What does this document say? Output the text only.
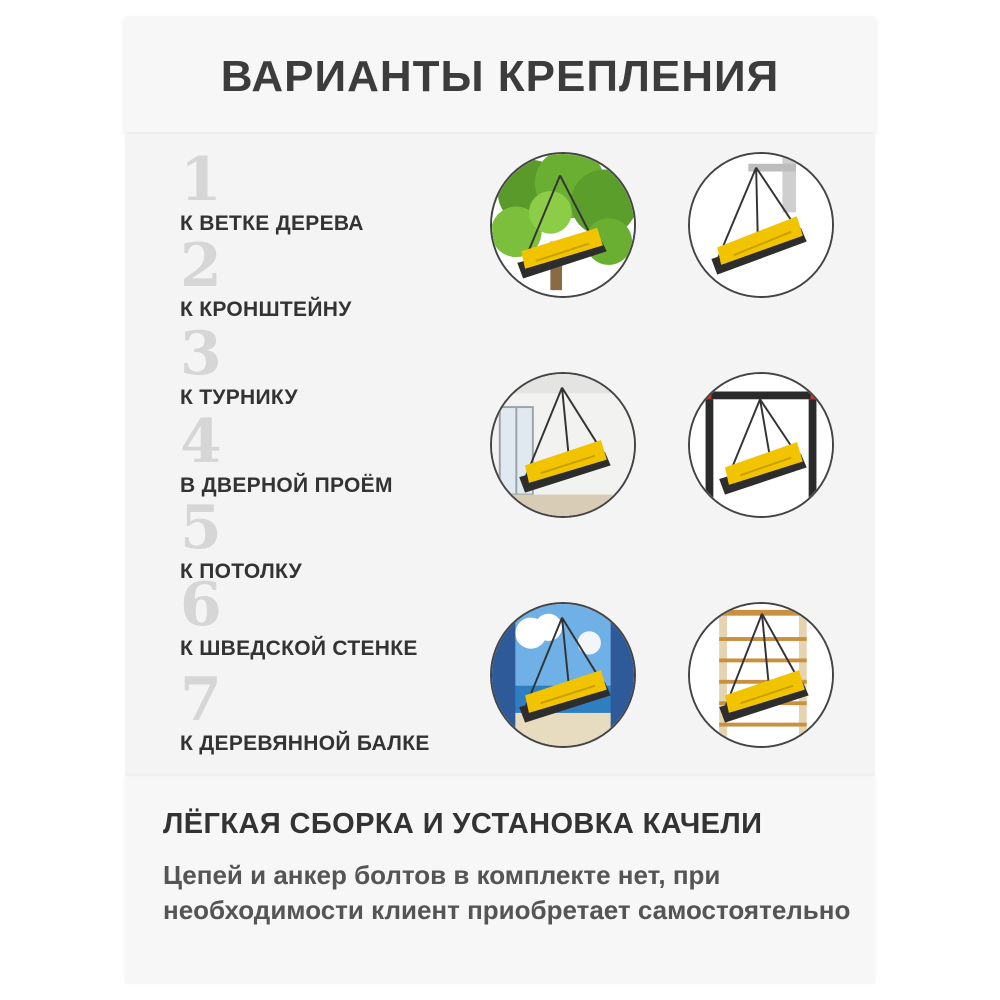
ВАРИАНТЫ КРЕПЛЕНИЯ
1
К ВЕТКЕ ДЕРЕВА
2
К КРОНШТЕЙНУ
3
К ТУРНИКУ
4
В ДВЕРНОЙ ПРОЁМ
5
К ПОТОЛКУ
6
К ШВЕДСКОЙ СТЕНКЕ
7
К ДЕРЕВЯННОЙ БАЛКЕ
ЛЁГКАЯ СБОРКА И УСТАНОВКА КАЧЕЛИ
Цепей и анкер болтов в комплекте нет, при необходимости клиент приобретает самостоятельно
